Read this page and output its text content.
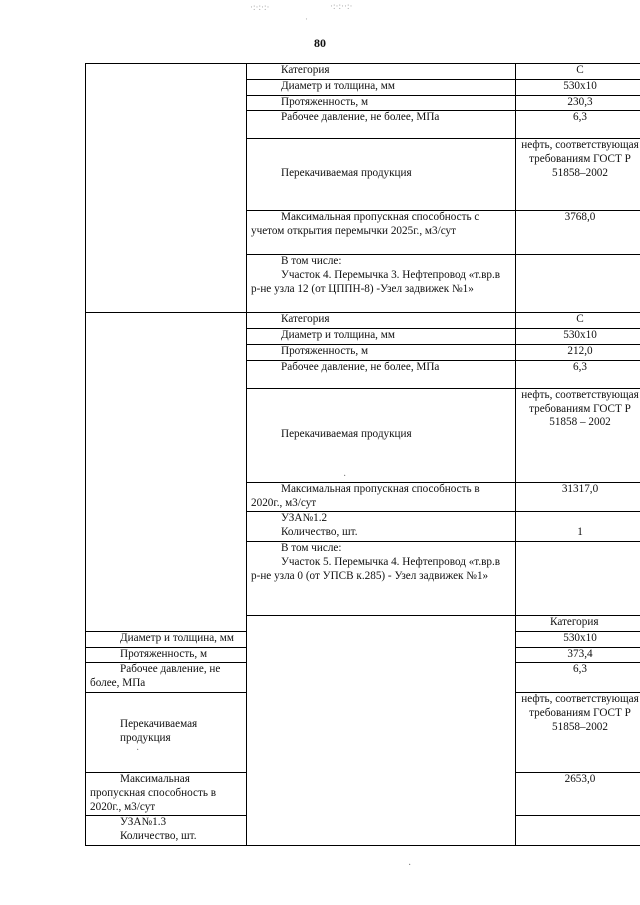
·:·:·:·	·:·:··:·
·
80
	Категория	С	
	Диаметр и толщина, мм	530х10	
	Протяженность, м	230,3	
	Рабочее давление, не более, МПа	6,3	
	Перекачиваемая продукция	нефть, соответствующая требованиям ГОСТ Р 51858–2002	
	Максимальная пропускная способность с учетом открытия перемычки 2025г., м3/сут	3768,0	

	В том числе:
Участок 4. Перемычка 3. Нефтепровод «т.вр.в р-не узла 12 (от ЦППН-8) -Узел задвижек №1»		

	Категория	С	
	Диаметр и толщина, мм	530х10	
	Протяженность, м	212,0	
	Рабочее давление, не более, МПа	6,3	
	Перекачиваемая продукция	нефть, соответствующая требованиям ГОСТ Р 51858 – 2002	
	Максимальная пропускная способность в 2020г., м3/сут	31317,0	

	УЗА№1.2
Количество, шт.	1	

	В том числе:
Участок 5. Перемычка 4. Нефтепровод «т.вр.в р-не узла 0 (от УПСВ к.285) - Узел задвижек №1»		

		Категория	
Диаметр и толщина, мм		530х10	
Протяженность, м		373,4	
Рабочее давление, не более, МПа		6,3	
Перекачиваемая продукция		нефть, соответствующая требованиям ГОСТ Р 51858–2002	
Максимальная пропускная способность в 2020г., м3/сут		2653,0	

УЗА№1.3
Количество, шт.			

·
·
·
